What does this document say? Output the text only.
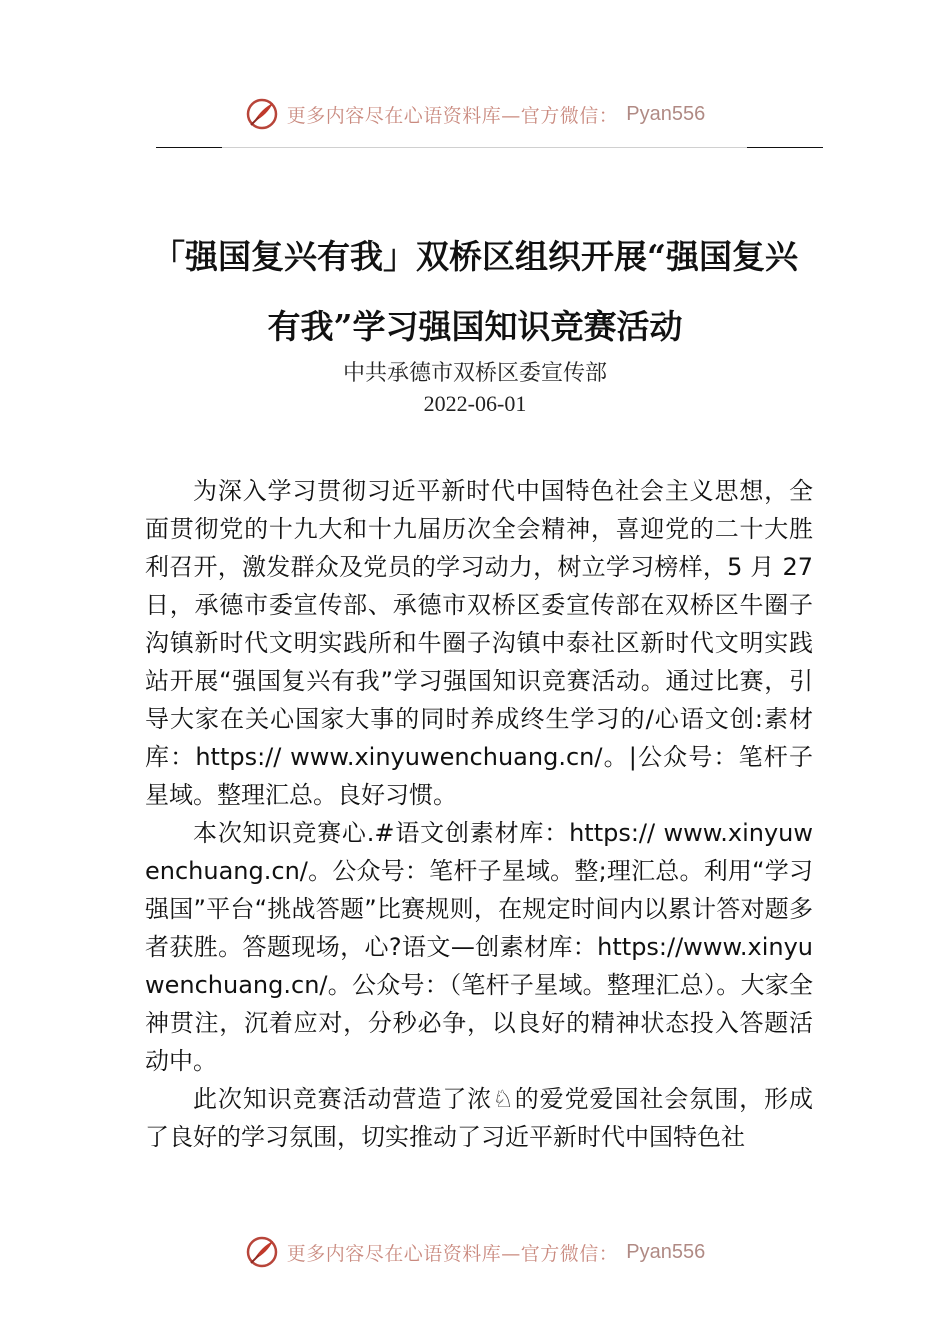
更多内容尽在心语资料库—官方微信： Pyan556
「强国复兴有我」双桥区组织开展“强国复兴有我”学习强国知识竞赛活动
中共承德市双桥区委宣传部
2022-06-01

为深入学习贯彻习近平新时代中国特色社会主义思想，全面贯彻党的十九大和十九届历次全会精神，喜迎党的二十大胜利召开，激发群众及党员的学习动力，树立学习榜样，5 月 27 日，承德市委宣传部、承德市双桥区委宣传部在双桥区牛圈子沟镇新时代文明实践所和牛圈子沟镇中泰社区新时代文明实践站开展“强国复兴有我”学习强国知识竞赛活动。通过比赛，引导大家在关心国家大事的同时养成终生学习的/心语文创:素材库：https:// www.xinyuwenchuang.cn/。|公众号：笔杆子星域。整理汇总。良好习惯。

本次知识竞赛心.#语文创素材库：https:// www.xinyuwenchuang.cn/。公众号：笔杆子星域。整;理汇总。利用“学习强国”平台“挑战答题”比赛规则，在规定时间内以累计答对题多者获胜。答题现场，心?语文—创素材库：https://www.xinyuwenchuang.cn/。公众号：（笔杆子星域。整理汇总）。大家全神贯注，沉着应对，分秒必争，以良好的精神状态投入答题活动中。

此次知识竞赛活动营造了浓♘的爱党爱国社会氛围，形成了良好的学习氛围，切实推动了习近平新时代中国特色社

更多内容尽在心语资料库—官方微信： Pyan556
